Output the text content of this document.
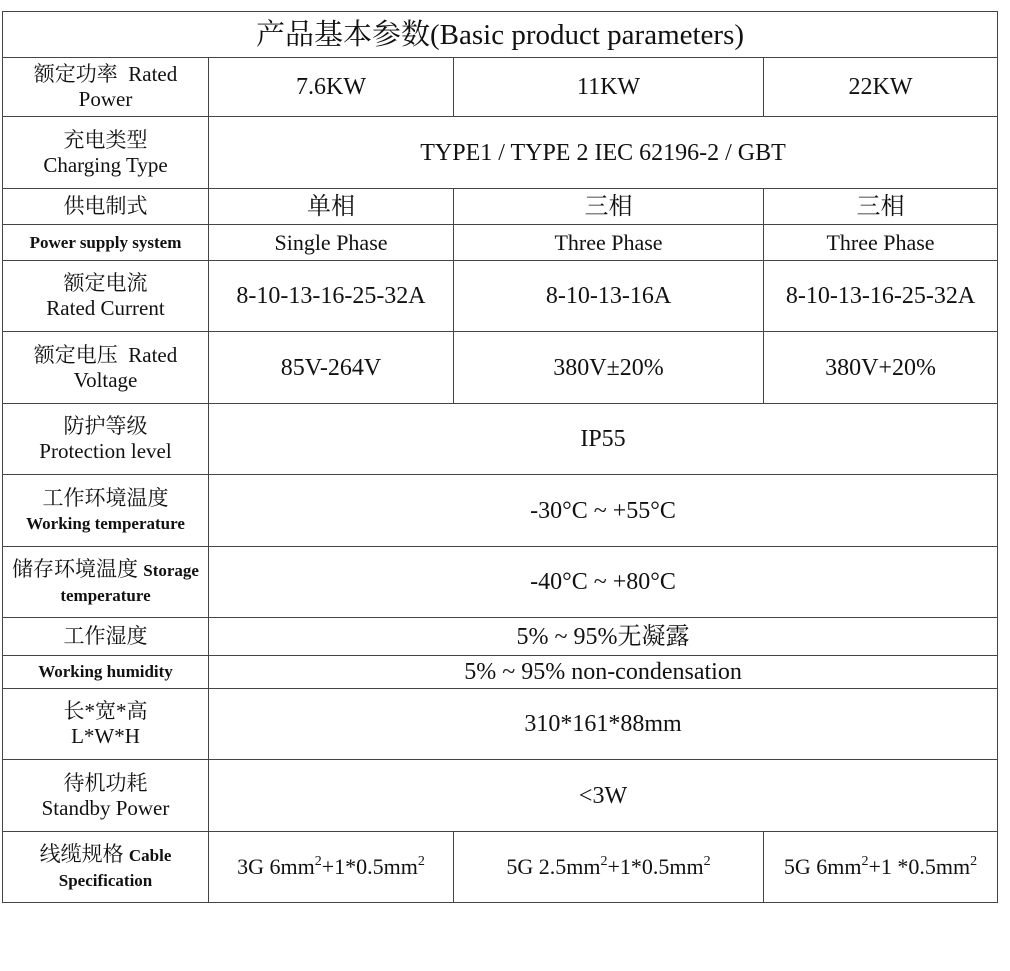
产品基本参数(Basic product parameters)			
额定功率 Rated Power	7.6KW	11KW	22KW

充电类型
Charging Type	TYPE1 / TYPE 2 IEC 62196-2 / GBT		
供电制式	单相	三相	三相
Power supply system	Single Phase	Three Phase	Three Phase

额定电流
Rated Current	8-10-13-16-25-32A	8-10-13-16A	8-10-13-16-25-32A
额定电压 Rated Voltage	85V-264V	380V±20%	380V+20%

防护等级
Protection level	IP55		

工作环境温度
Working temperature	-30°C ~ +55°C		
储存环境温度 Storage
temperature	-40°C ~ +80°C		
工作湿度	5% ~ 95%无凝露		
Working humidity	5% ~ 95% non-condensation		

长*宽*高
L*W*H	310*161*88mm		

待机功耗
Standby Power	<3W		
线缆规格 Cable
Specification	3G $6mm^2+1*0.5mm^2$	5G $2.5mm^2+1*0.5mm^2$	5G $6mm^2+1$ $*0.5mm^2$
